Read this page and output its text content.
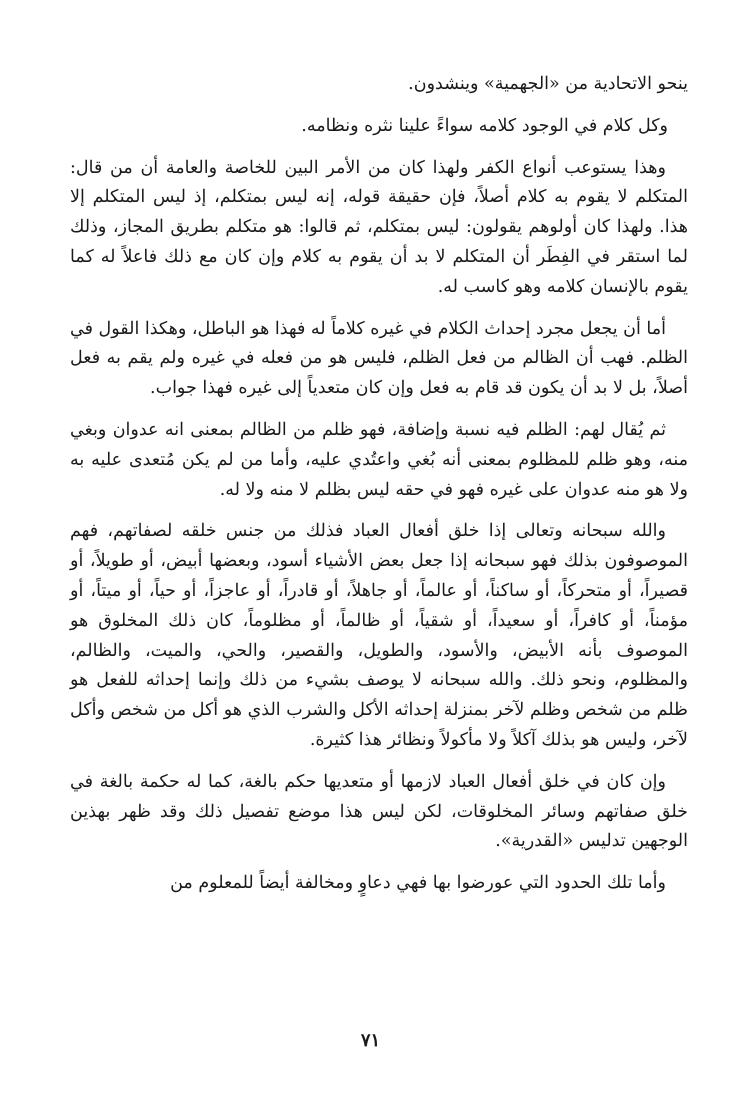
ينحو الاتحادية من «الجهمية» وينشدون.

وكل كلام في الوجود كلامه سواءً علينا نثره ونظامه.

وهذا يستوعب أنواع الكفر ولهذا كان من الأمر البين للخاصة والعامة أن من قال: المتكلم لا يقوم به كلام أصلاً، فإن حقيقة قوله، إنه ليس بمتكلم، إذ ليس المتكلم إلا هذا. ولهذا كان أولوهم يقولون: ليس بمتكلم، ثم قالوا: هو متكلم بطريق المجاز، وذلك لما استقر في الفِطَر أن المتكلم لا بد أن يقوم به كلام وإن كان مع ذلك فاعلاً له كما يقوم بالإنسان كلامه وهو كاسب له.

أما أن يجعل مجرد إحداث الكلام في غيره كلاماً له فهذا هو الباطل، وهكذا القول في الظلم. فهب أن الظالم من فعل الظلم، فليس هو من فعله في غيره ولم يقم به فعل أصلاً، بل لا بد أن يكون قد قام به فعل وإن كان متعدياً إلى غيره فهذا جواب.

ثم يُقال لهم: الظلم فيه نسبة وإضافة، فهو ظلم من الظالم بمعنى انه عدوان وبغي منه، وهو ظلم للمظلوم بمعنى أنه بُغي واعتُدي عليه، وأما من لم يكن مُتعدى عليه به ولا هو منه عدوان على غيره فهو في حقه ليس بظلم لا منه ولا له.

والله سبحانه وتعالى إذا خلق أفعال العباد فذلك من جنس خلقه لصفاتهم، فهم الموصوفون بذلك فهو سبحانه إذا جعل بعض الأشياء أسود، وبعضها أبيض، أو طويلاً، أو قصيراً، أو متحركاً، أو ساكناً، أو عالماً، أو جاهلاً، أو قادراً، أو عاجزاً، أو حياً، أو ميتاً، أو مؤمناً، أو كافراً، أو سعيداً، أو شقياً، أو ظالماً، أو مظلوماً، كان ذلك المخلوق هو الموصوف بأنه الأبيض، والأسود، والطويل، والقصير، والحي، والميت، والظالم، والمظلوم، ونحو ذلك. والله سبحانه لا يوصف بشيء من ذلك وإنما إحداثه للفعل هو ظلم من شخص وظلم لآخر بمنزلة إحداثه الأكل والشرب الذي هو أكل من شخص وأكل لآخر، وليس هو بذلك آكلاً ولا مأكولاً ونظائر هذا كثيرة.

وإن كان في خلق أفعال العباد لازمها أو متعديها حكم بالغة، كما له حكمة بالغة في خلق صفاتهم وسائر المخلوقات، لكن ليس هذا موضع تفصيل ذلك وقد ظهر بهذين الوجهين تدليس «القدرية».

وأما تلك الحدود التي عورضوا بها فهي دعاوٍ ومخالفة أيضاً للمعلوم من

٧١
